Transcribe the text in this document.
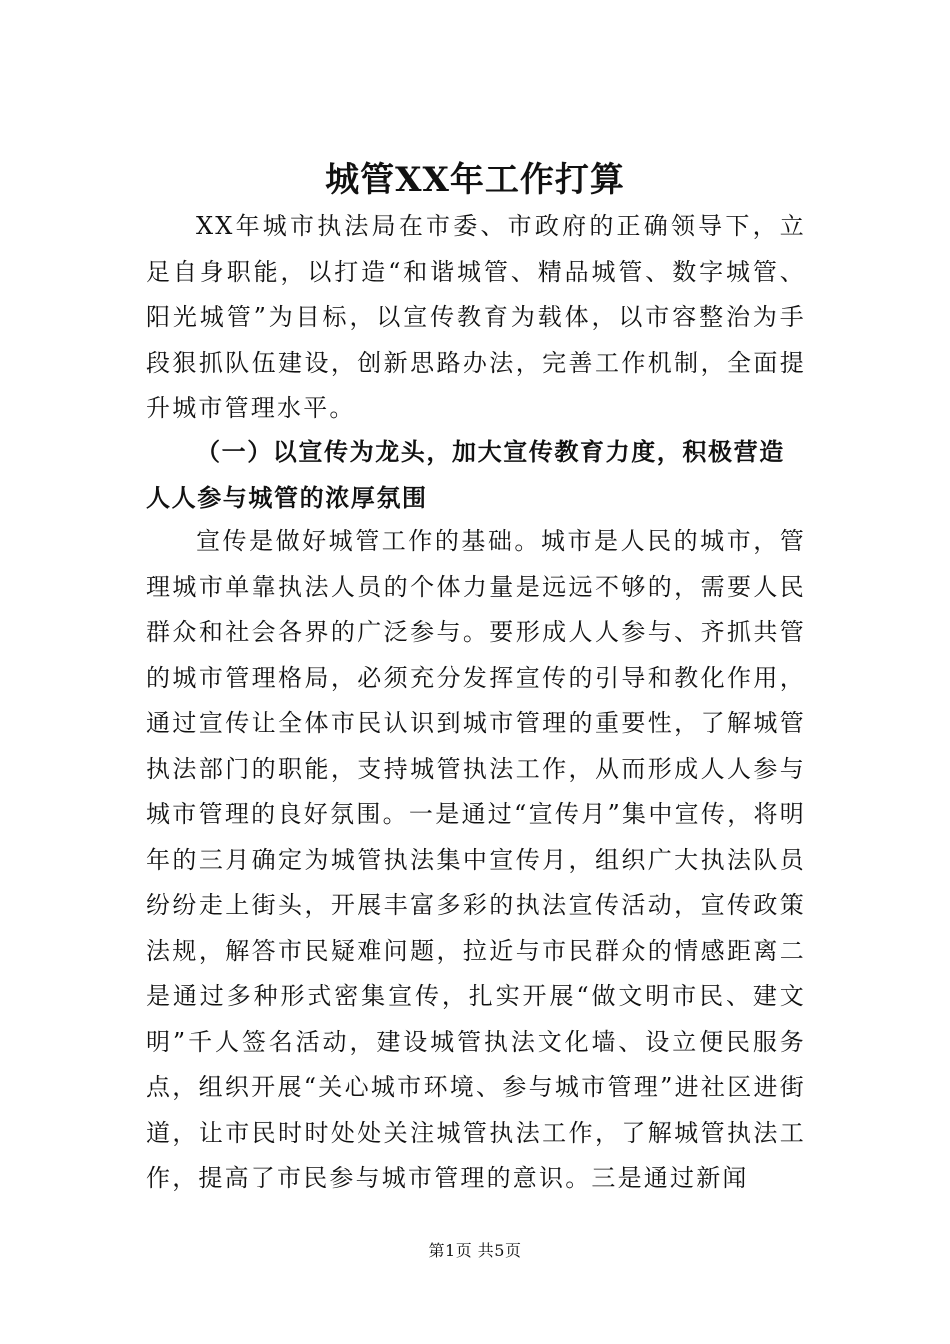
城管XX年工作打算

XX年城市执法局在市委、市政府的正确领导下，立足自身职能，以打造“和谐城管、精品城管、数字城管、阳光城管”为目标，以宣传教育为载体，以市容整治为手段狠抓队伍建设，创新思路办法，完善工作机制，全面提升城市管理水平。

（一）以宣传为龙头，加大宣传教育力度，积极营造人人参与城管的浓厚氛围

宣传是做好城管工作的基础。城市是人民的城市，管理城市单靠执法人员的个体力量是远远不够的，需要人民群众和社会各界的广泛参与。要形成人人参与、齐抓共管的城市管理格局，必须充分发挥宣传的引导和教化作用，通过宣传让全体市民认识到城市管理的重要性，了解城管执法部门的职能，支持城管执法工作，从而形成人人参与城市管理的良好氛围。一是通过“宣传月”集中宣传，将明年的三月确定为城管执法集中宣传月，组织广大执法队员纷纷走上街头，开展丰富多彩的执法宣传活动，宣传政策法规，解答市民疑难问题，拉近与市民群众的情感距离二是通过多种形式密集宣传，扎实开展“做文明市民、建文明”千人签名活动，建设城管执法文化墙、设立便民服务点，组织开展“关心城市环境、参与城市管理”进社区进街道，让市民时时处处关注城管执法工作，了解城管执法工作，提高了市民参与城市管理的意识。三是通过新闻

第1页 共5页
